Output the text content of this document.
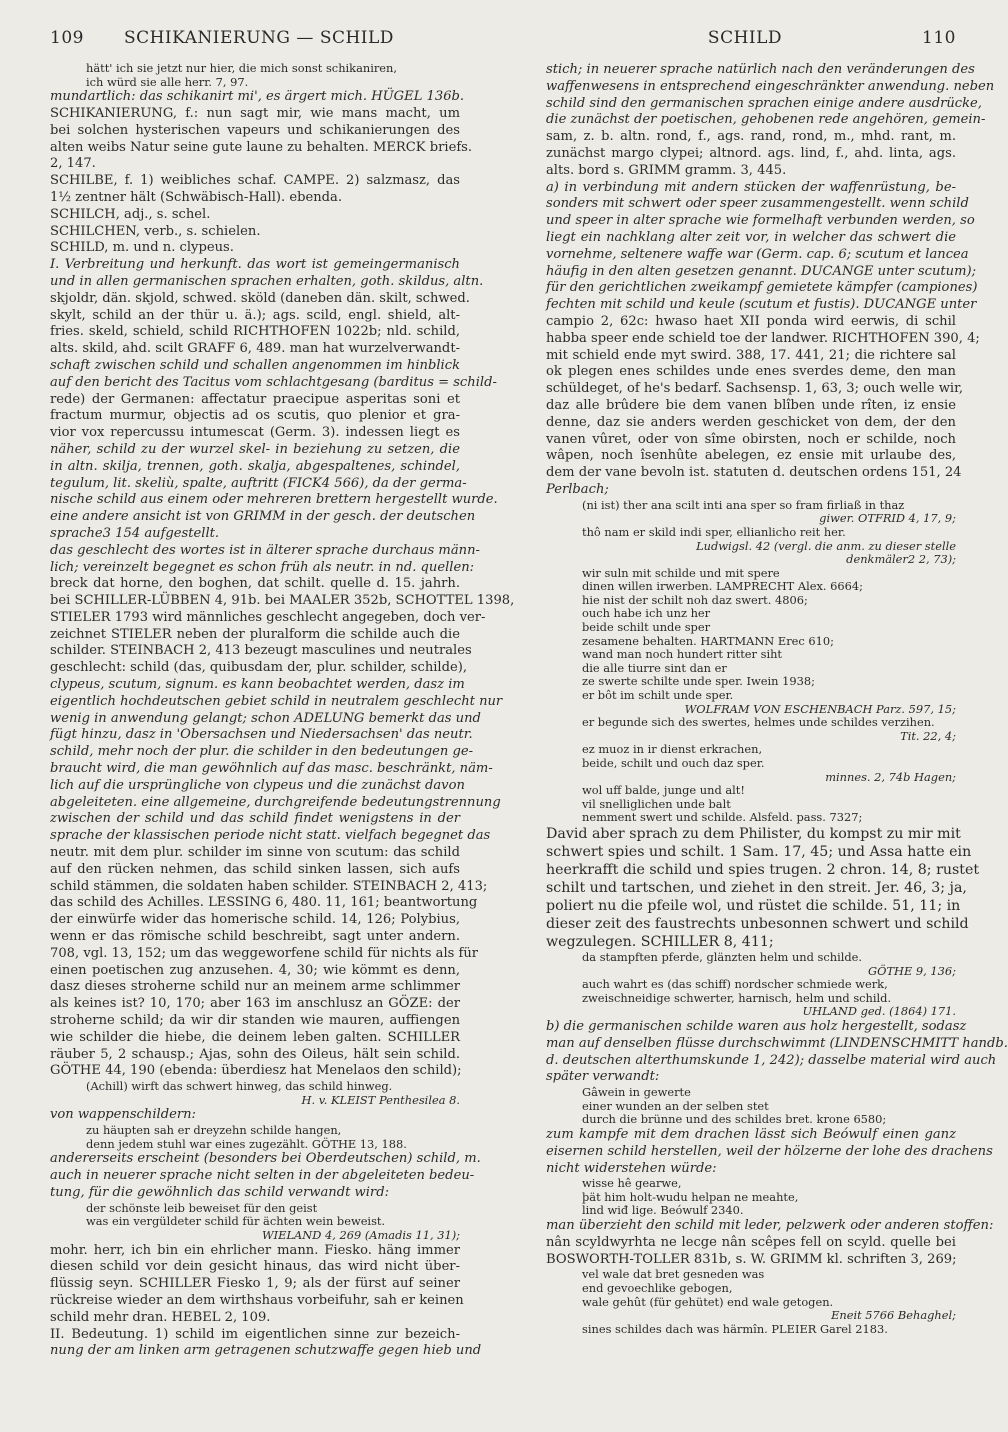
109 SCHIKANIERUNG — SCHILD	SCHILD	110
hätt' ich sie jetzt nur hier, die mich sonst schikaniren,
ich würd sie alle herr. 7, 97.
mundartlich: das schikanirt mi', es ärgert mich. HÜGEL 136b.
SCHIKANIERUNG, f.: nun sagt mir, wie mans macht, um
bei solchen hysterischen vapeurs und schikanierungen des
alten weibs Natur seine gute laune zu behalten. MERCK briefs.
2, 147.
SCHILBE, f. 1) weibliches schaf. CAMPE. 2) salzmasz, das
1½ zentner hält (Schwäbisch-Hall). ebenda.
SCHILCH, adj., s. schel.
SCHILCHEN, verb., s. schielen.
SCHILD, m. und n. clypeus.
I. Verbreitung und herkunft. das wort ist gemeingermanisch
und in allen germanischen sprachen erhalten, goth. skildus, altn.
skjoldr, dän. skjold, schwed. sköld (daneben dän. skilt, schwed.
skylt, schild an der thür u. ä.); ags. scild, engl. shield, alt-
fries. skeld, schield, schild RICHTHOFEN 1022b; nld. schild,
alts. skild, ahd. scilt GRAFF 6, 489. man hat wurzelverwandt-
schaft zwischen schild und schallen angenommen im hinblick
auf den bericht des Tacitus vom schlachtgesang (barditus = schild-
rede) der Germanen: affectatur praecipue asperitas soni et
fractum murmur, objectis ad os scutis, quo plenior et gra-
vior vox repercussu intumescat (Germ. 3). indessen liegt es
näher, schild zu der wurzel skel- in beziehung zu setzen, die
in altn. skilja, trennen, goth. skalja, abgespaltenes, schindel,
tegulum, lit. skeliù, spalte, auftritt (FICK4 566), da der germa-
nische schild aus einem oder mehreren brettern hergestellt wurde.
eine andere ansicht ist von GRIMM in der gesch. der deutschen
sprache3 154 aufgestellt.
das geschlecht des wortes ist in älterer sprache durchaus männ-
lich; vereinzelt begegnet es schon früh als neutr. in nd. quellen:
breck dat horne, den boghen, dat schilt. quelle d. 15. jahrh.
bei SCHILLER-LÜBBEN 4, 91b. bei MAALER 352b, SCHOTTEL 1398,
STIELER 1793 wird männliches geschlecht angegeben, doch ver-
zeichnet STIELER neben der pluralform die schilde auch die
schilder. STEINBACH 2, 413 bezeugt masculines und neutrales
geschlecht: schild (das, quibusdam der, plur. schilder, schilde),
clypeus, scutum, signum. es kann beobachtet werden, dasz im
eigentlich hochdeutschen gebiet schild in neutralem geschlecht nur
wenig in anwendung gelangt; schon ADELUNG bemerkt das und
fügt hinzu, dasz in 'Obersachsen und Niedersachsen' das neutr.
schild, mehr noch der plur. die schilder in den bedeutungen ge-
braucht wird, die man gewöhnlich auf das masc. beschränkt, näm-
lich auf die ursprüngliche von clypeus und die zunächst davon
abgeleiteten. eine allgemeine, durchgreifende bedeutungstrennung
zwischen der schild und das schild findet wenigstens in der
sprache der klassischen periode nicht statt. vielfach begegnet das
neutr. mit dem plur. schilder im sinne von scutum: das schild
auf den rücken nehmen, das schild sinken lassen, sich aufs
schild stämmen, die soldaten haben schilder. STEINBACH 2, 413;
das schild des Achilles. LESSING 6, 480. 11, 161; beantwortung
der einwürfe wider das homerische schild. 14, 126; Polybius,
wenn er das römische schild beschreibt, sagt unter andern.
708, vgl. 13, 152; um das weggeworfene schild für nichts als für
einen poetischen zug anzusehen. 4, 30; wie kömmt es denn,
dasz dieses stroherne schild nur an meinem arme schlimmer
als keines ist? 10, 170; aber 163 im anschlusz an GÖZE: der
stroherne schild; da wir dir standen wie mauren, auffiengen
wie schilder die hiebe, die deinem leben galten. SCHILLER
räuber 5, 2 schausp.; Ajas, sohn des Oileus, hält sein schild.
GÖTHE 44, 190 (ebenda: überdiesz hat Menelaos den schild);
(Achill) wirft das schwert hinweg, das schild hinweg.
H. v. KLEIST Penthesilea 8.
von wappenschildern:
zu häupten sah er dreyzehn schilde hangen,
denn jedem stuhl war eines zugezählt. GÖTHE 13, 188.
andererseits erscheint (besonders bei Oberdeutschen) schild, m.
auch in neuerer sprache nicht selten in der abgeleiteten bedeu-
tung, für die gewöhnlich das schild verwandt wird:
der schönste leib beweiset für den geist
was ein vergüldeter schild für ächten wein beweist.
WIELAND 4, 269 (Amadis 11, 31);
mohr. herr, ich bin ein ehrlicher mann. Fiesko. häng immer
diesen schild vor dein gesicht hinaus, das wird nicht über-
flüssig seyn. SCHILLER Fiesko 1, 9; als der fürst auf seiner
rückreise wieder an dem wirthshaus vorbeifuhr, sah er keinen
schild mehr dran. HEBEL 2, 109.
II. Bedeutung. 1) schild im eigentlichen sinne zur bezeich-
nung der am linken arm getragenen schutzwaffe gegen hieb und
stich; in neuerer sprache natürlich nach den veränderungen des
waffenwesens in entsprechend eingeschränkter anwendung. neben
schild sind den germanischen sprachen einige andere ausdrücke,
die zunächst der poetischen, gehobenen rede angehören, gemein-
sam, z. b. altn. rond, f., ags. rand, rond, m., mhd. rant, m.
zunächst margo clypei; altnord. ags. lind, f., ahd. linta, ags.
alts. bord s. GRIMM gramm. 3, 445.
a) in verbindung mit andern stücken der waffenrüstung, be-
sonders mit schwert oder speer zusammengestellt. wenn schild
und speer in alter sprache wie formelhaft verbunden werden, so
liegt ein nachklang alter zeit vor, in welcher das schwert die
vornehme, seltenere waffe war (Germ. cap. 6; scutum et lancea
häufig in den alten gesetzen genannt. DUCANGE unter scutum);
für den gerichtlichen zweikampf gemietete kämpfer (campiones)
fechten mit schild und keule (scutum et fustis). DUCANGE unter
campio 2, 62c: hwaso haet XII ponda wird eerwis, di schil
habba speer ende schield toe der landwer. RICHTHOFEN 390, 4;
mit schield ende myt swird. 388, 17. 441, 21; die richtere sal
ok plegen enes schildes unde enes sverdes deme, den man
schüldeget, of he's bedarf. Sachsensp. 1, 63, 3; ouch welle wir,
daz alle brûdere bie dem vanen blîben unde rîten, iz ensie
denne, daz sie anders werden geschicket von dem, der den
vanen vûret, oder von sîme obirsten, noch er schilde, noch
wâpen, noch îsenhûte abelegen, ez ensie mit urlaube des,
dem der vane bevoln ist. statuten d. deutschen ordens 151, 24
Perlbach;
(ni ist) ther ana scilt inti ana sper so fram firliaß in thaz
giwer. OTFRID 4, 17, 9;
thô nam er skild indi sper, ellianlicho reit her.
Ludwigsl. 42 (vergl. die anm. zu dieser stelle
denkmäler2 2, 73);
wir suln mit schilde und mit spere
dinen willen irwerben. LAMPRECHT Alex. 6664;
hie nist der schilt noh daz swert. 4806;
ouch habe ich unz her
beide schilt unde sper
zesamene behalten. HARTMANN Erec 610;
wand man noch hundert ritter siht
die alle tiurre sint dan er
ze swerte schilte unde sper. Iwein 1938;
er bôt im schilt unde sper.
WOLFRAM VON ESCHENBACH Parz. 597, 15;
er begunde sich des swertes, helmes unde schildes verzihen.
Tit. 22, 4;
ez muoz in ir dienst erkrachen,
beide, schilt und ouch daz sper.
minnes. 2, 74b Hagen;
wol uff balde, junge und alt!
vil snelliglichen unde balt
nemment swert und schilde. Alsfeld. pass. 7327;
David aber sprach zu dem Philister, du kompst zu mir mit
schwert spies und schilt. 1 Sam. 17, 45; und Assa hatte ein
heerkrafft die schild und spies trugen. 2 chron. 14, 8; rustet
schilt und tartschen, und ziehet in den streit. Jer. 46, 3; ja,
poliert nu die pfeile wol, und rüstet die schilde. 51, 11; in
dieser zeit des faustrechts unbesonnen schwert und schild
wegzulegen. SCHILLER 8, 411;
da stampften pferde, glänzten helm und schilde.
GÖTHE 9, 136;
auch wahrt es (das schiff) nordscher schmiede werk,
zweischneidige schwerter, harnisch, helm und schild.
UHLAND ged. (1864) 171.
b) die germanischen schilde waren aus holz hergestellt, sodasz
man auf denselben flüsse durchschwimmt (LINDENSCHMITT handb.
d. deutschen alterthumskunde 1, 242); dasselbe material wird auch
später verwandt:
Gâwein in gewerte
einer wunden an der selben stet
durch die brünne und des schildes bret. krone 6580;
zum kampfe mit dem drachen lässt sich Beówulf einen ganz
eisernen schild herstellen, weil der hölzerne der lohe des drachens
nicht widerstehen würde:
wisse hê gearwe,
þät him holt-wudu helpan ne meahte,
lind wiđ lige. Beówulf 2340.
man überzieht den schild mit leder, pelzwerk oder anderen stoffen:
nân scyldwyrhta ne lecge nân scêpes fell on scyld. quelle bei
BOSWORTH-TOLLER 831b, s. W. GRIMM kl. schriften 3, 269;
vel wale dat bret gesneden was
end gevoechlike gebogen,
wale gehût (für gehütet) end wale getogen.
Eneit 5766 Behaghel;
sines schildes dach was härmîn. PLEIER Garel 2183.
